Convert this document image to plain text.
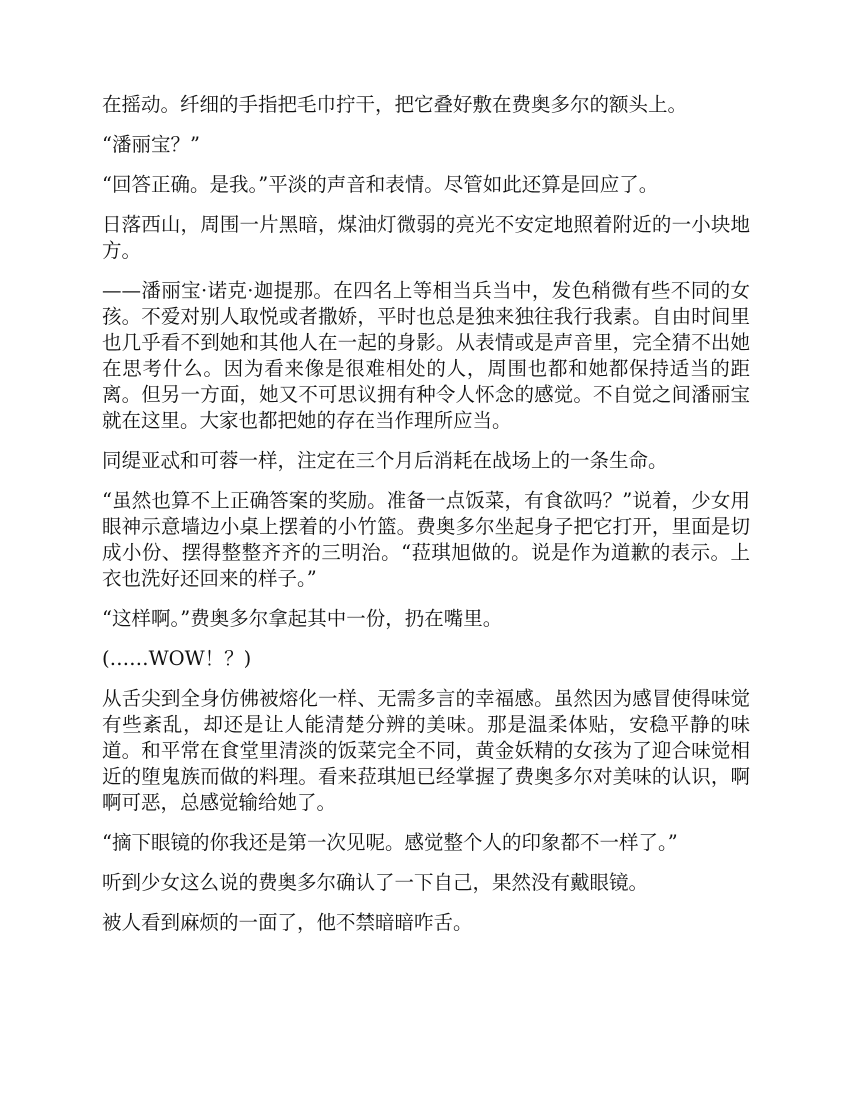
在摇动。纤细的手指把毛巾拧干，把它叠好敷在费奥多尔的额头上。

“潘丽宝？”

“回答正确。是我。”平淡的声音和表情。尽管如此还算是回应了。

日落西山，周围一片黑暗，煤油灯微弱的亮光不安定地照着附近的一小块地方。

——潘丽宝·诺克·迦提那。在四名上等相当兵当中，发色稍微有些不同的女孩。不爱对别人取悦或者撒娇，平时也总是独来独往我行我素。自由时间里也几乎看不到她和其他人在一起的身影。从表情或是声音里，完全猜不出她在思考什么。因为看来像是很难相处的人，周围也都和她都保持适当的距离。但另一方面，她又不可思议拥有种令人怀念的感觉。不自觉之间潘丽宝就在这里。大家也都把她的存在当作理所应当。

同缇亚忒和可蓉一样，注定在三个月后消耗在战场上的一条生命。

“虽然也算不上正确答案的奖励。准备一点饭菜，有食欲吗？”说着，少女用眼神示意墙边小桌上摆着的小竹篮。费奥多尔坐起身子把它打开，里面是切成小份、摆得整整齐齐的三明治。“菈琪旭做的。说是作为道歉的表示。上衣也洗好还回来的样子。”

“这样啊。”费奥多尔拿起其中一份，扔在嘴里。

(……WOW！？)

从舌尖到全身仿佛被熔化一样、无需多言的幸福感。虽然因为感冒使得味觉有些紊乱，却还是让人能清楚分辨的美味。那是温柔体贴，安稳平静的味道。和平常在食堂里清淡的饭菜完全不同，黄金妖精的女孩为了迎合味觉相近的堕鬼族而做的料理。看来菈琪旭已经掌握了费奥多尔对美味的认识，啊啊可恶，总感觉输给她了。

“摘下眼镜的你我还是第一次见呢。感觉整个人的印象都不一样了。”

听到少女这么说的费奥多尔确认了一下自己，果然没有戴眼镜。

被人看到麻烦的一面了，他不禁暗暗咋舌。
